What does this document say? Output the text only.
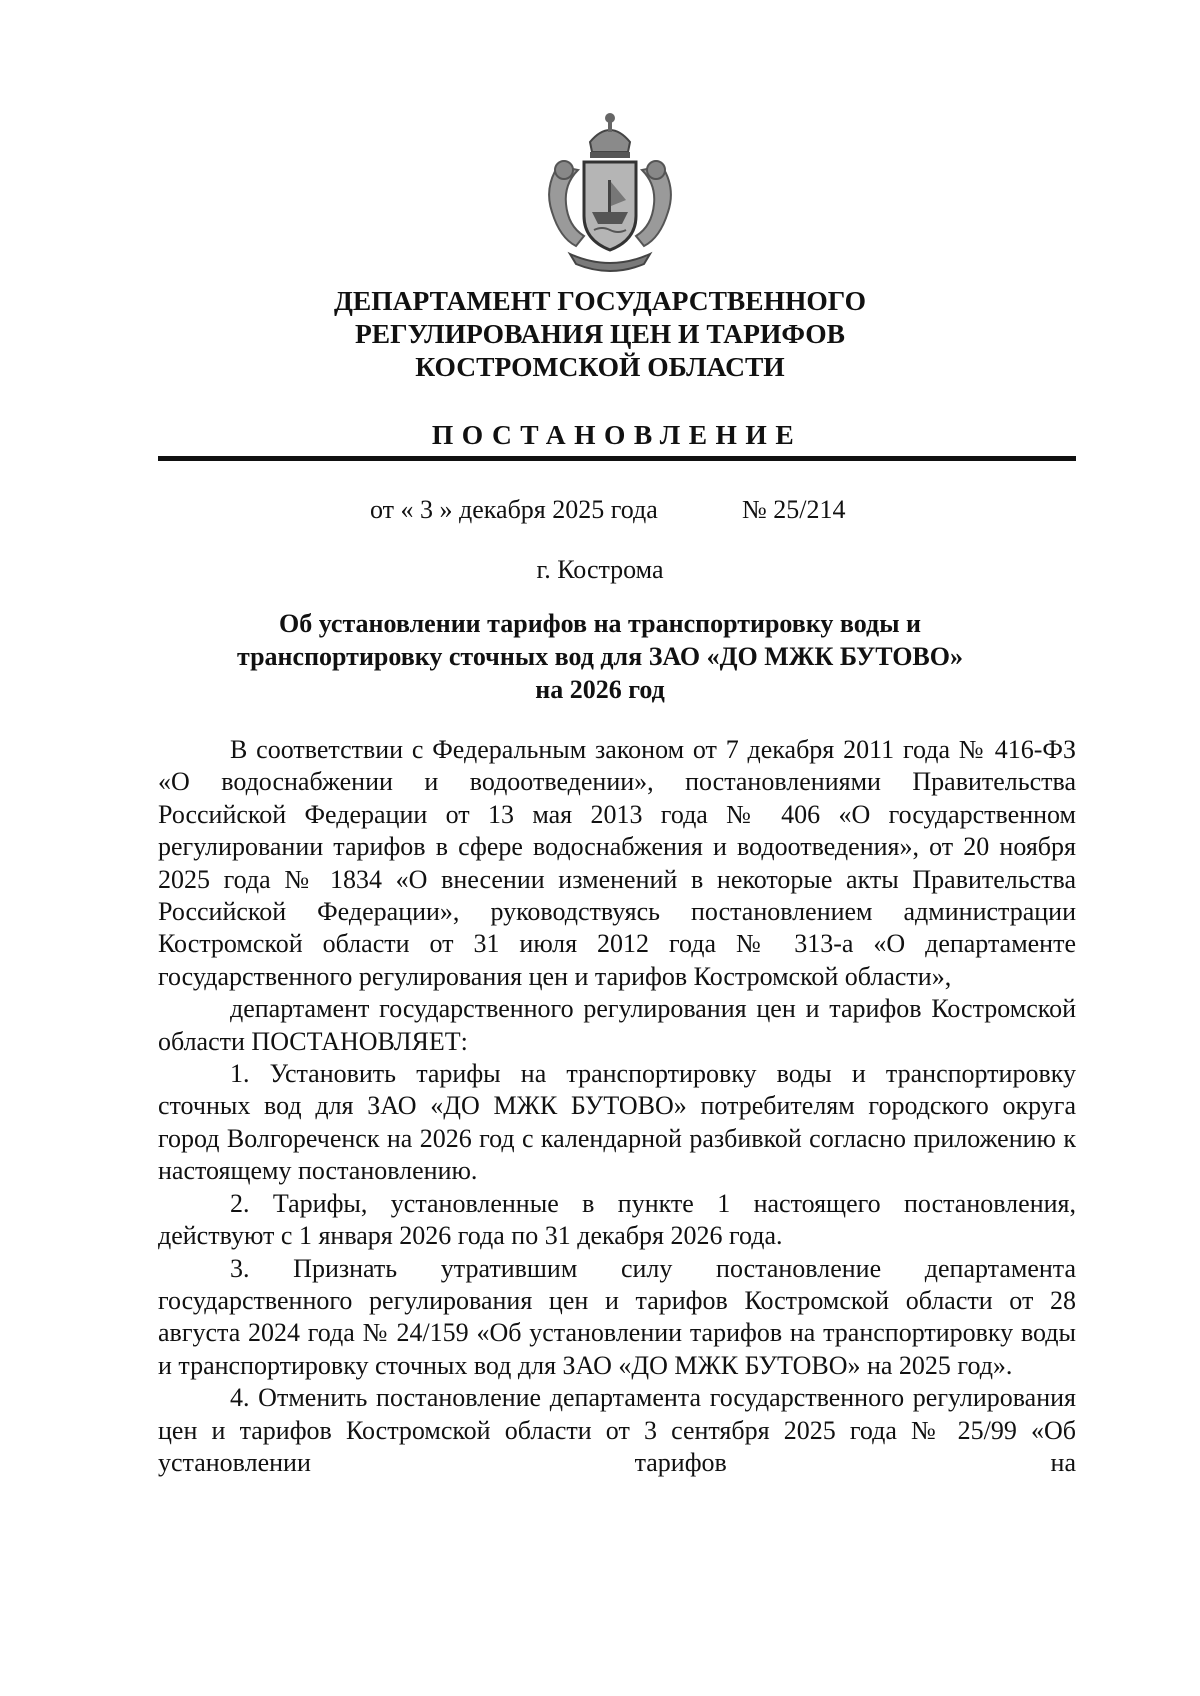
ДЕПАРТАМЕНТ ГОСУДАРСТВЕННОГО
РЕГУЛИРОВАНИЯ ЦЕН И ТАРИФОВ
КОСТРОМСКОЙ ОБЛАСТИ
ПОСТАНОВЛЕНИЕ
от « 3 » декабря 2025 года	№ 25/214
г. Кострома
Об установлении тарифов на транспортировку воды и
транспортировку сточных вод для ЗАО «ДО МЖК БУТОВО»
на 2026 год
В соответствии с Федеральным законом от 7 декабря 2011 года № 416-ФЗ «О водоснабжении и водоотведении», постановлениями Правительства Российской Федерации от 13 мая 2013 года № 406 «О государственном регулировании тарифов в сфере водоснабжения и водоотведения», от 20 ноября 2025 года № 1834 «О внесении изменений в некоторые акты Правительства Российской Федерации», руководствуясь постановлением администрации Костромской области от 31 июля 2012 года № 313-а «О департаменте государственного регулирования цен и тарифов Костромской области»,
департамент государственного регулирования цен и тарифов Костромской области ПОСТАНОВЛЯЕТ:
1. Установить тарифы на транспортировку воды и транспортировку сточных вод для ЗАО «ДО МЖК БУТОВО» потребителям городского округа город Волгореченск на 2026 год с календарной разбивкой согласно приложению к настоящему постановлению.
2. Тарифы, установленные в пункте 1 настоящего постановления, действуют с 1 января 2026 года по 31 декабря 2026 года.
3. Признать утратившим силу постановление департамента государственного регулирования цен и тарифов Костромской области от 28 августа 2024 года № 24/159 «Об установлении тарифов на транспортировку воды и транспортировку сточных вод для ЗАО «ДО МЖК БУТОВО» на 2025 год».
4. Отменить постановление департамента государственного регулирования цен и тарифов Костромской области от 3 сентября 2025 года № 25/99 «Об установлении тарифов на
